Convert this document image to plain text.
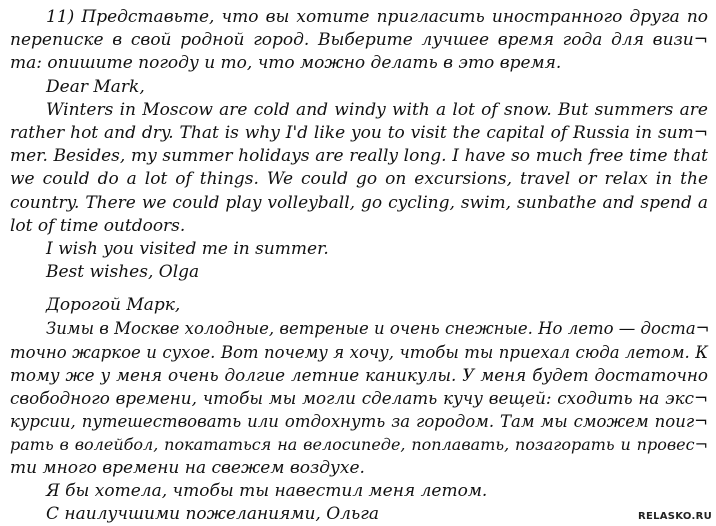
11) Представьте, что вы хотите пригласить иностранного друга по
переписке в свой родной город. Выберите лучшее время года для визи¬
та: опишите погоду и то, что можно делать в это время.
Dear Mark,
Winters in Moscow are cold and windy with a lot of snow. But summers are
rather hot and dry. That is why I'd like you to visit the capital of Russia in sum¬
mer. Besides, my summer holidays are really long. I have so much free time that
we could do a lot of things. We could go on excursions, travel or relax in the
country. There we could play volleyball, go cycling, swim, sunbathe and spend a
lot of time outdoors.
I wish you visited me in summer.
Best wishes, Olga
Дорогой Марк,
Зимы в Москве холодные, ветреные и очень снежные. Но лето — доста¬
точно жаркое и сухое. Вот почему я хочу, чтобы ты приехал сюда летом. К
тому же у меня очень долгие летние каникулы. У меня будет достаточно
свободного времени, чтобы мы могли сделать кучу вещей: сходить на экс¬
курсии, путешествовать или отдохнуть за городом. Там мы сможем поиг¬
рать в волейбол, покататься на велосипеде, поплавать, позагорать и провес¬
ти много времени на свежем воздухе.
Я бы хотела, чтобы ты навестил меня летом.
С наилучшими пожеланиями, Ольга	RELASKO.RU
